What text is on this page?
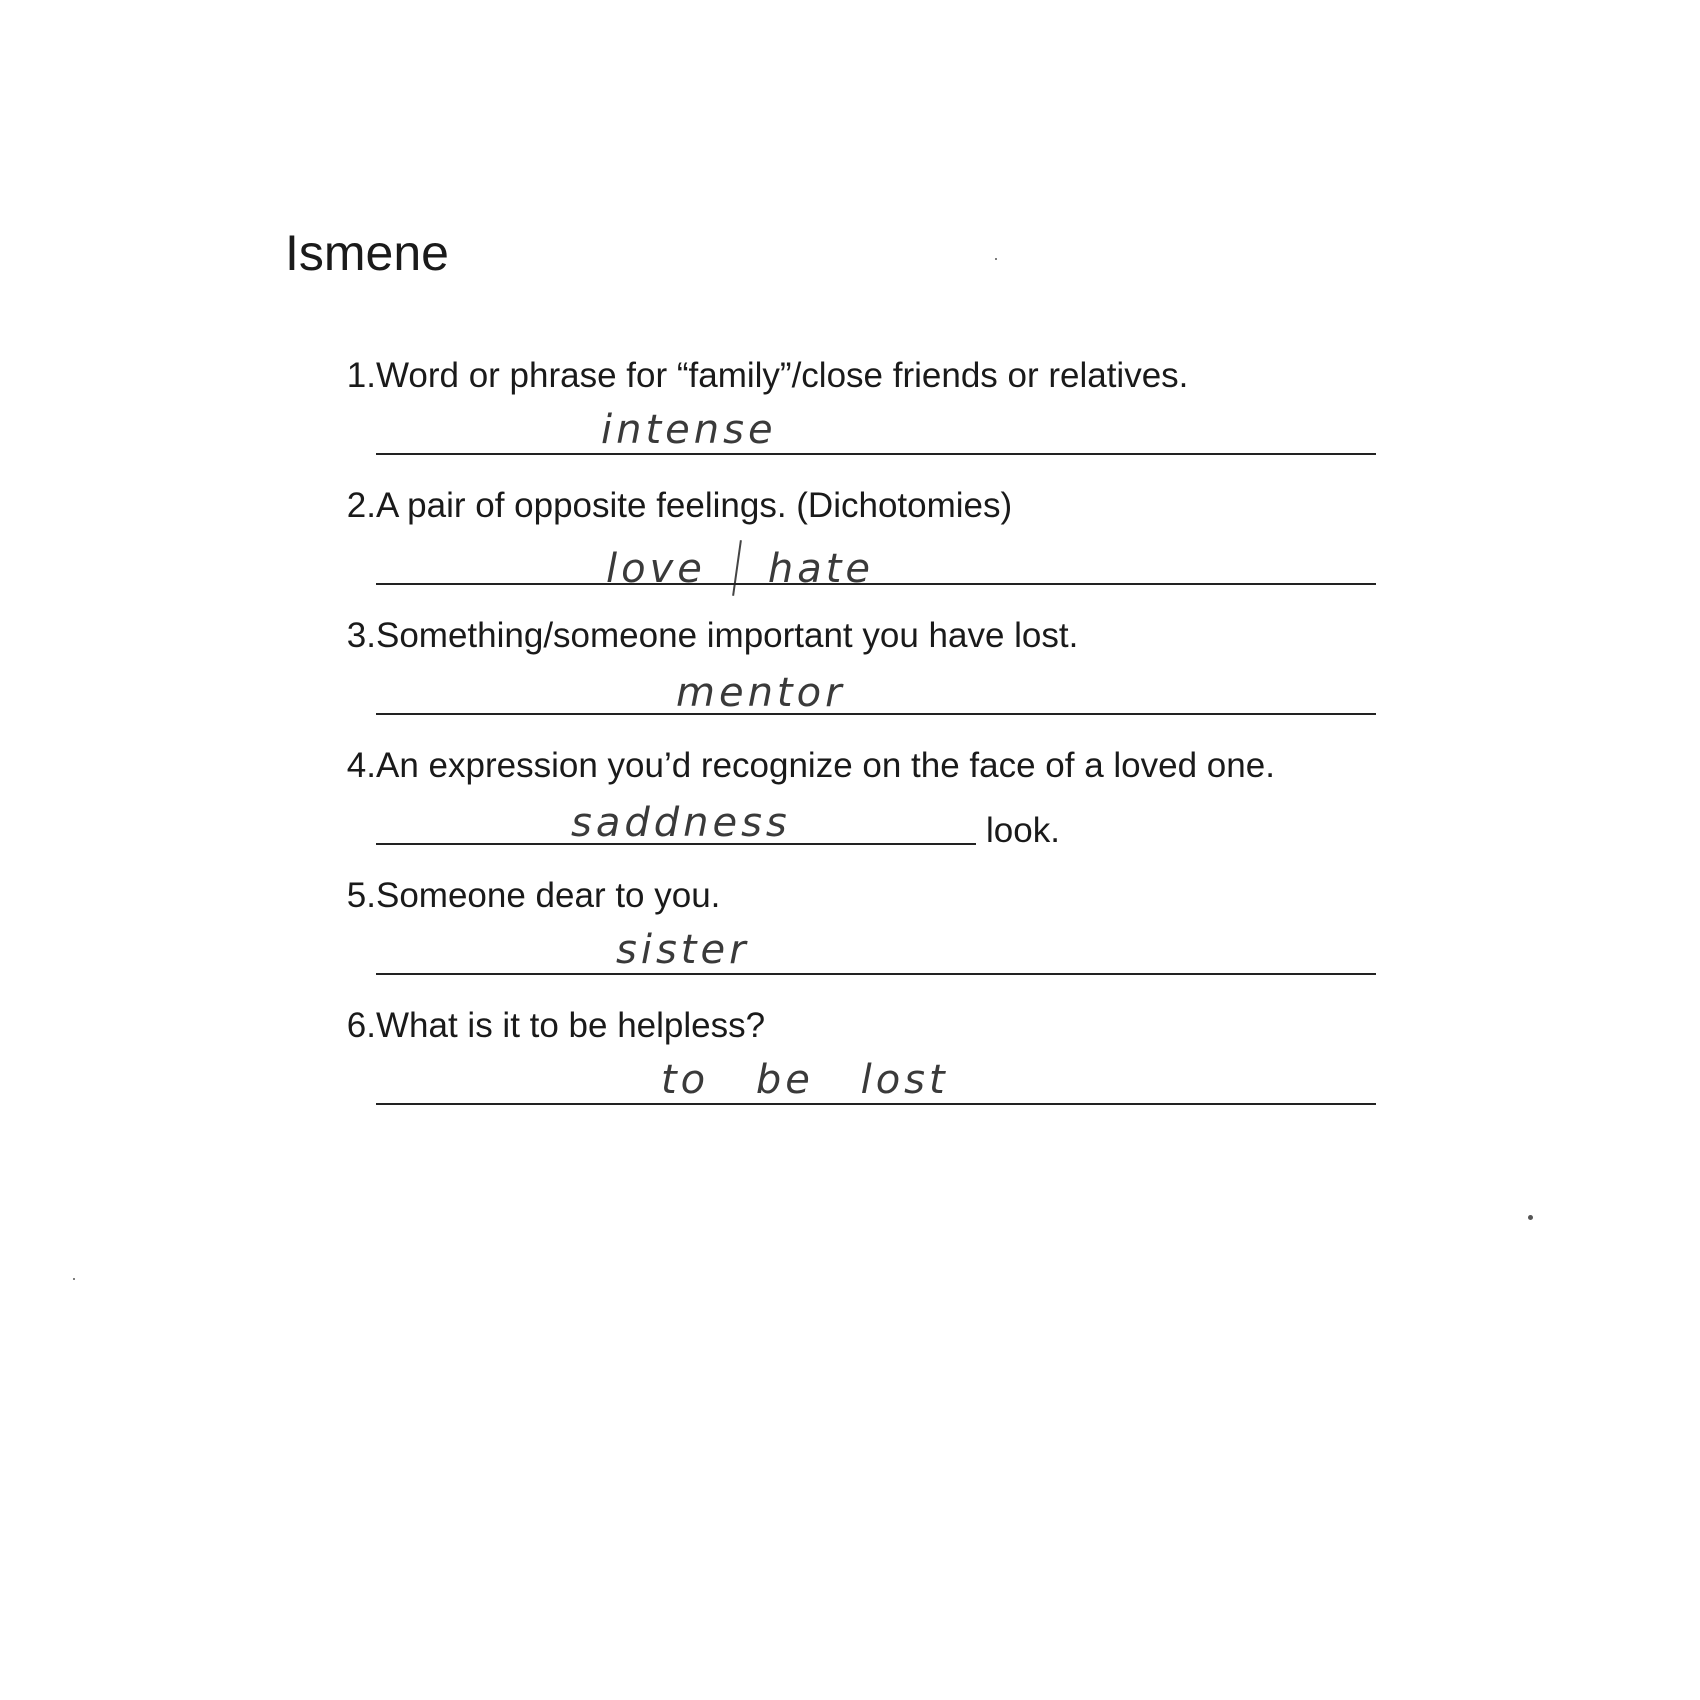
Ismene
1. Word or phrase for “family”/close friends or relatives.
intense
2. A pair of opposite feelings. (Dichotomies)
love hate
3. Something/someone important you have lost.
mentor
4. An expression you’d recognize on the face of a loved one.
saddness	look.
5. Someone dear to you.
sister
6. What is it to be helpless?
to be lost
